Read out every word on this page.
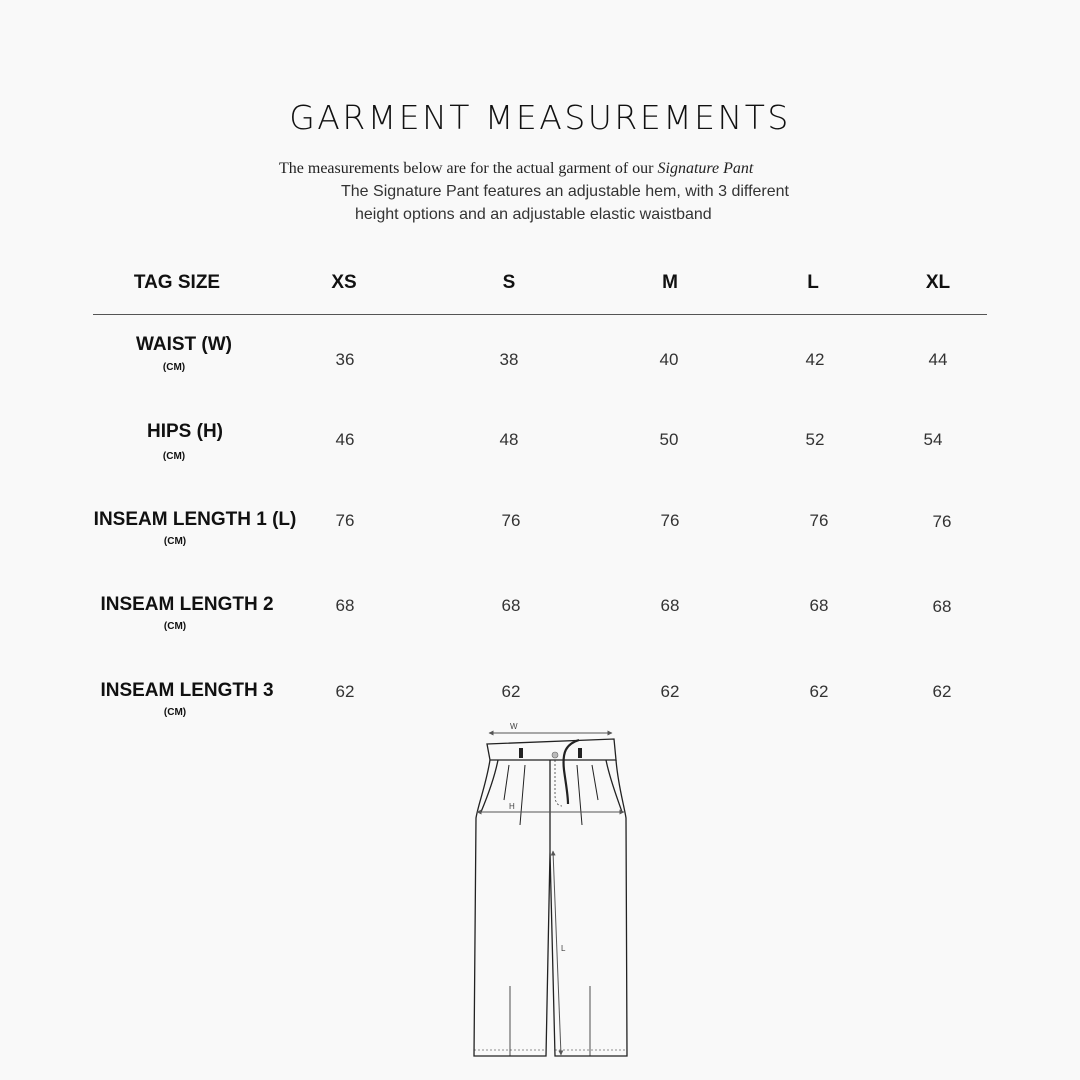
GARMENT MEASUREMENTS
The measurements below are for the actual garment of our Signature Pant
The Signature Pant features an adjustable hem, with 3 different
height options and an adjustable elastic waistband
TAG SIZE	XS	S	M	L	XL
WAIST (W)
(CM)	36	38	40	42	44
HIPS (H)
(CM)
46	48	50	52	54
INSEAM LENGTH 1 (L)
(CM)
76	76	76	76	76
INSEAM LENGTH 2
(CM)
68	68	68	68	68
INSEAM LENGTH 3
(CM)
62	62	62	62	62
W
H
L
